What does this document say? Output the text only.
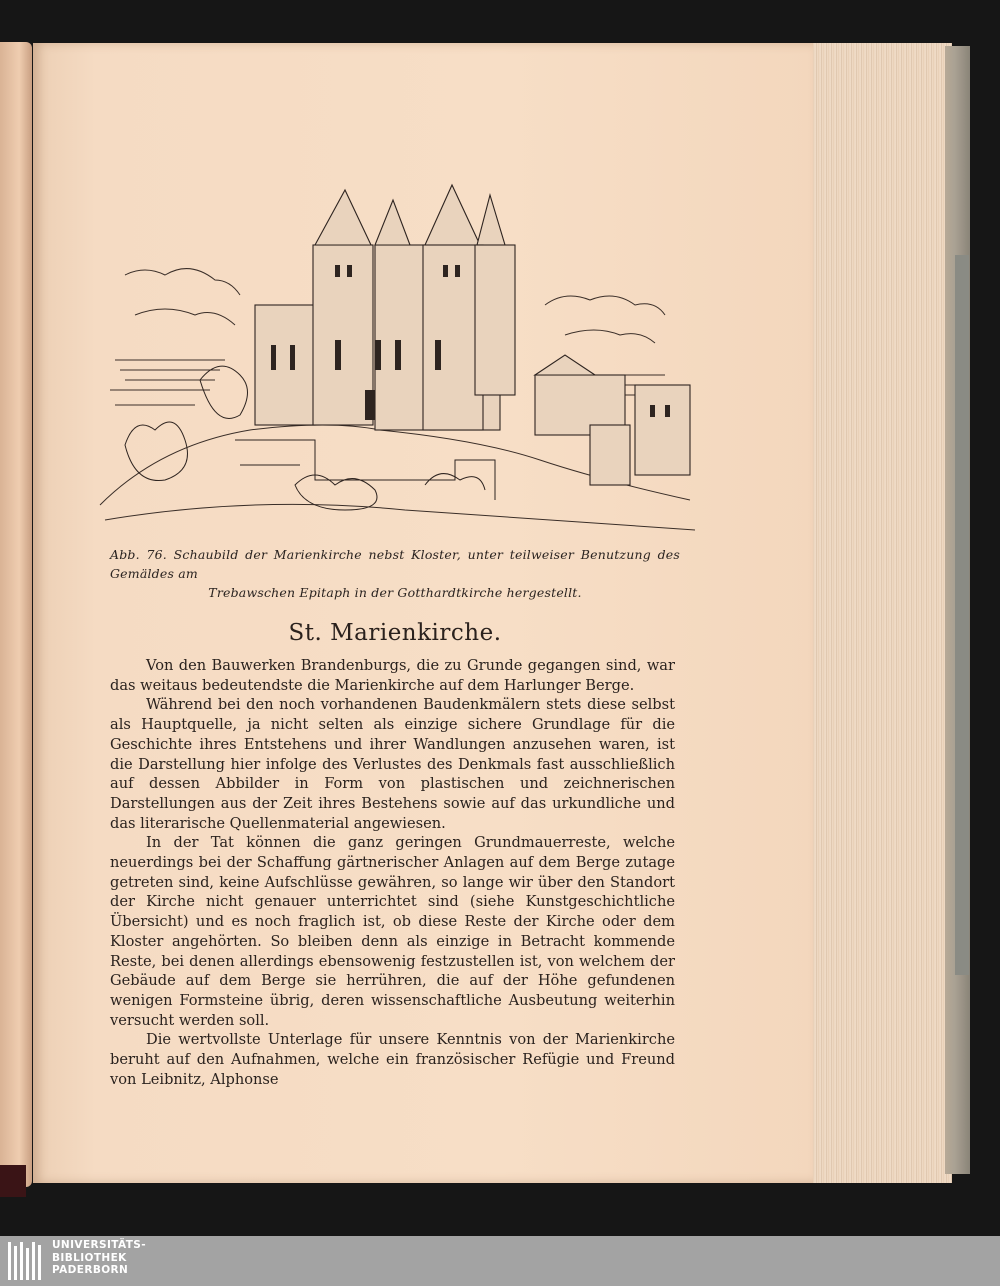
Abb. 76. Schaubild der Marienkirche nebst Kloster, unter teilweiser Benutzung des Gemäldes am
Trebawschen Epitaph in der Gotthardtkirche hergestellt.
St. Marienkirche.

Von den Bauwerken Brandenburgs, die zu Grunde gegangen sind, war das weitaus bedeutendste die Marienkirche auf dem Harlunger Berge.

Während bei den noch vorhandenen Baudenkmälern stets diese selbst als Hauptquelle, ja nicht selten als einzige sichere Grundlage für die Geschichte ihres Entstehens und ihrer Wandlungen anzusehen waren, ist die Darstellung hier infolge des Verlustes des Denkmals fast ausschließlich auf dessen Abbilder in Form von plastischen und zeichnerischen Darstellungen aus der Zeit ihres Bestehens sowie auf das urkundliche und das literarische Quellenmaterial angewiesen.

In der Tat können die ganz geringen Grundmauerreste, welche neuerdings bei der Schaffung gärtnerischer Anlagen auf dem Berge zutage getreten sind, keine Aufschlüsse gewähren, so lange wir über den Standort der Kirche nicht genauer unterrichtet sind (siehe Kunstgeschichtliche Übersicht) und es noch fraglich ist, ob diese Reste der Kirche oder dem Kloster angehörten. So bleiben denn als einzige in Betracht kommende Reste, bei denen allerdings ebensowenig festzustellen ist, von welchem der Gebäude auf dem Berge sie herrühren, die auf der Höhe gefundenen wenigen Formsteine übrig, deren wissenschaftliche Ausbeutung weiterhin versucht werden soll.

Die wertvollste Unterlage für unsere Kenntnis von der Marienkirche beruht auf den Aufnahmen, welche ein französischer Refügie und Freund von Leibnitz, Alphonse

UNIVERSITÄTS-
BIBLIOTHEK
PADERBORN
